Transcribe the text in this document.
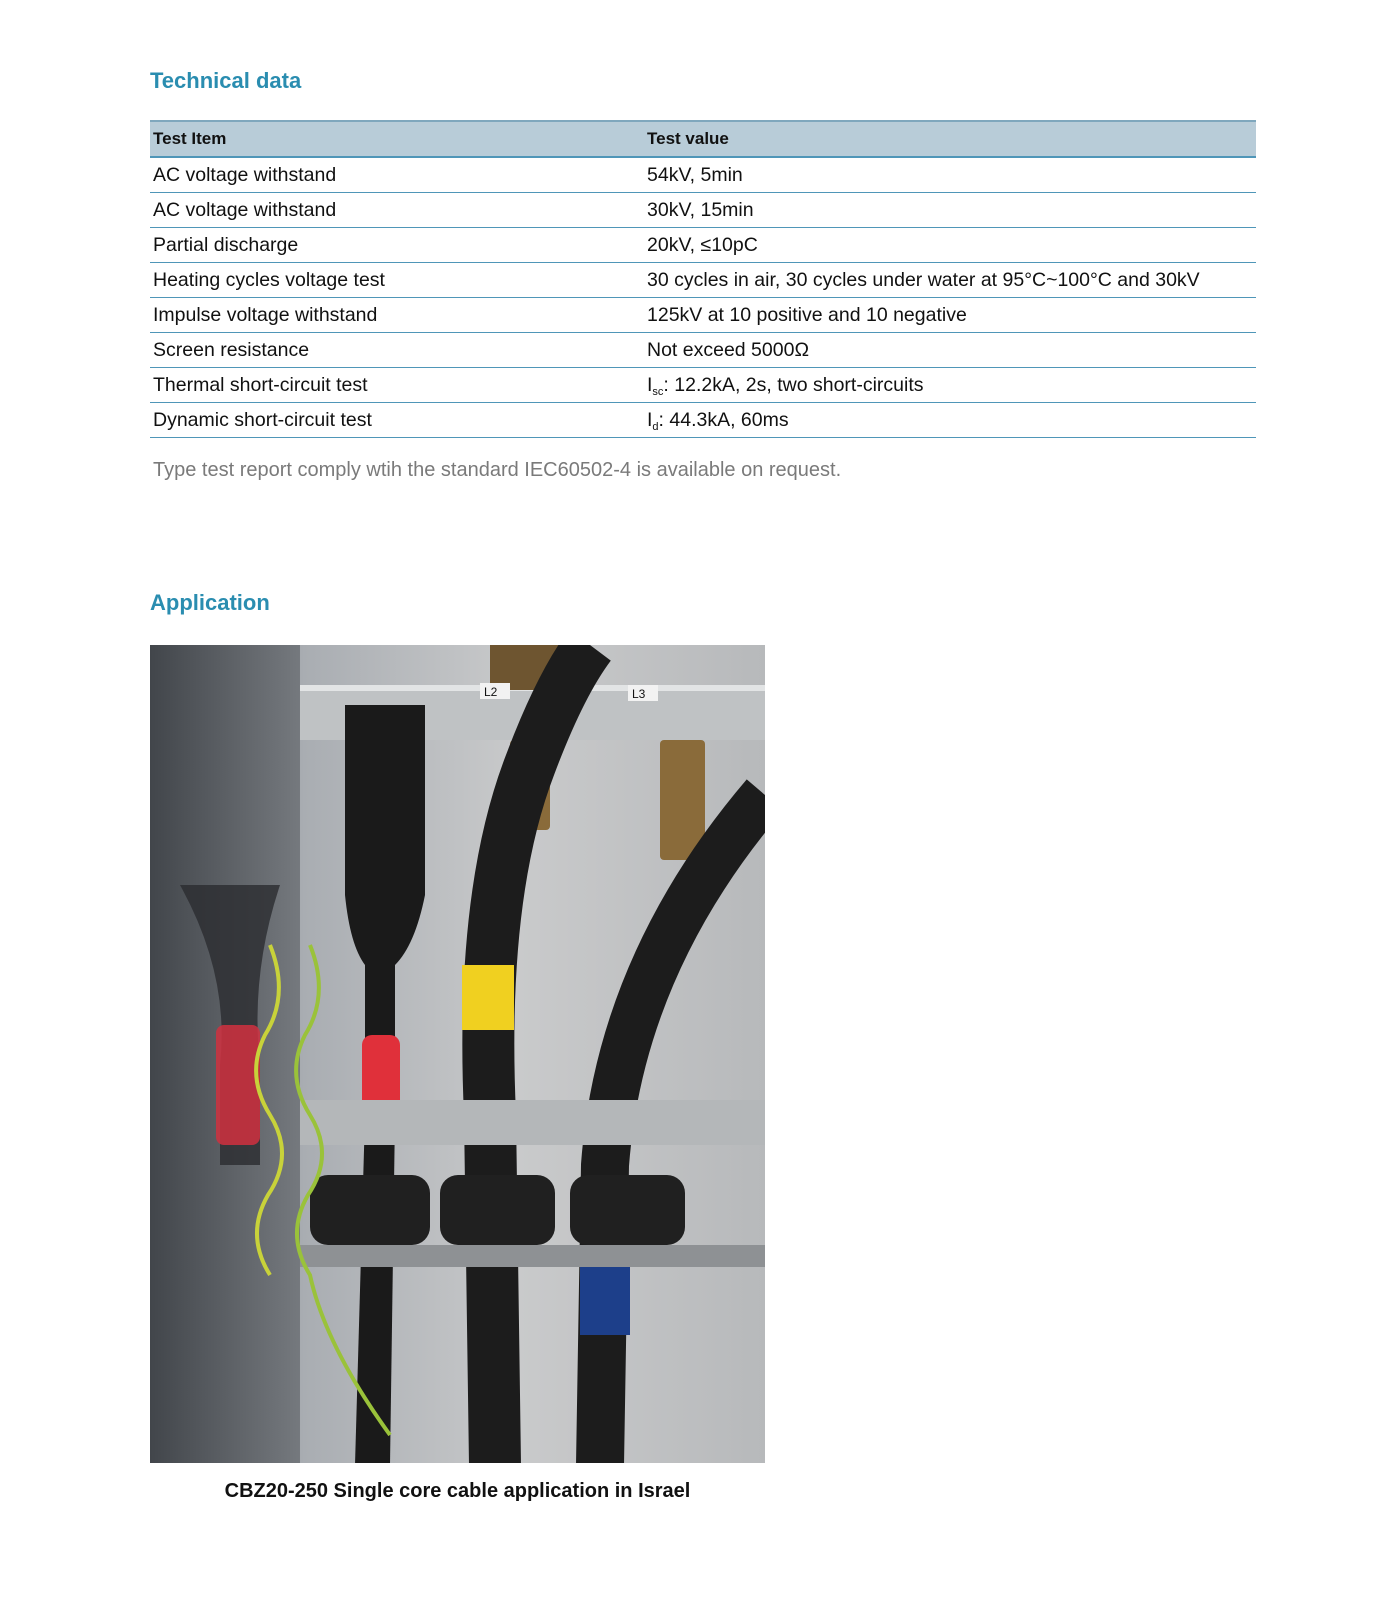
Technical data
Test Item	Test value
AC voltage withstand	54kV, 5min
AC voltage withstand	30kV, 15min
Partial discharge	20kV, ≤10pC
Heating cycles voltage test	30 cycles in air, 30 cycles under water at 95°C~100°C and 30kV
Impulse voltage withstand	125kV at 10 positive and 10 negative
Screen resistance	Not exceed 5000Ω
Thermal short-circuit test	$I_{sc}$: 12.2kA, 2s, two short-circuits
Dynamic short-circuit test	$I_d$: 44.3kA, 60ms

Type test report comply wtih the standard IEC60502-4 is available on request.

Application
L2	L3

CBZ20-250 Single core cable application in Israel
